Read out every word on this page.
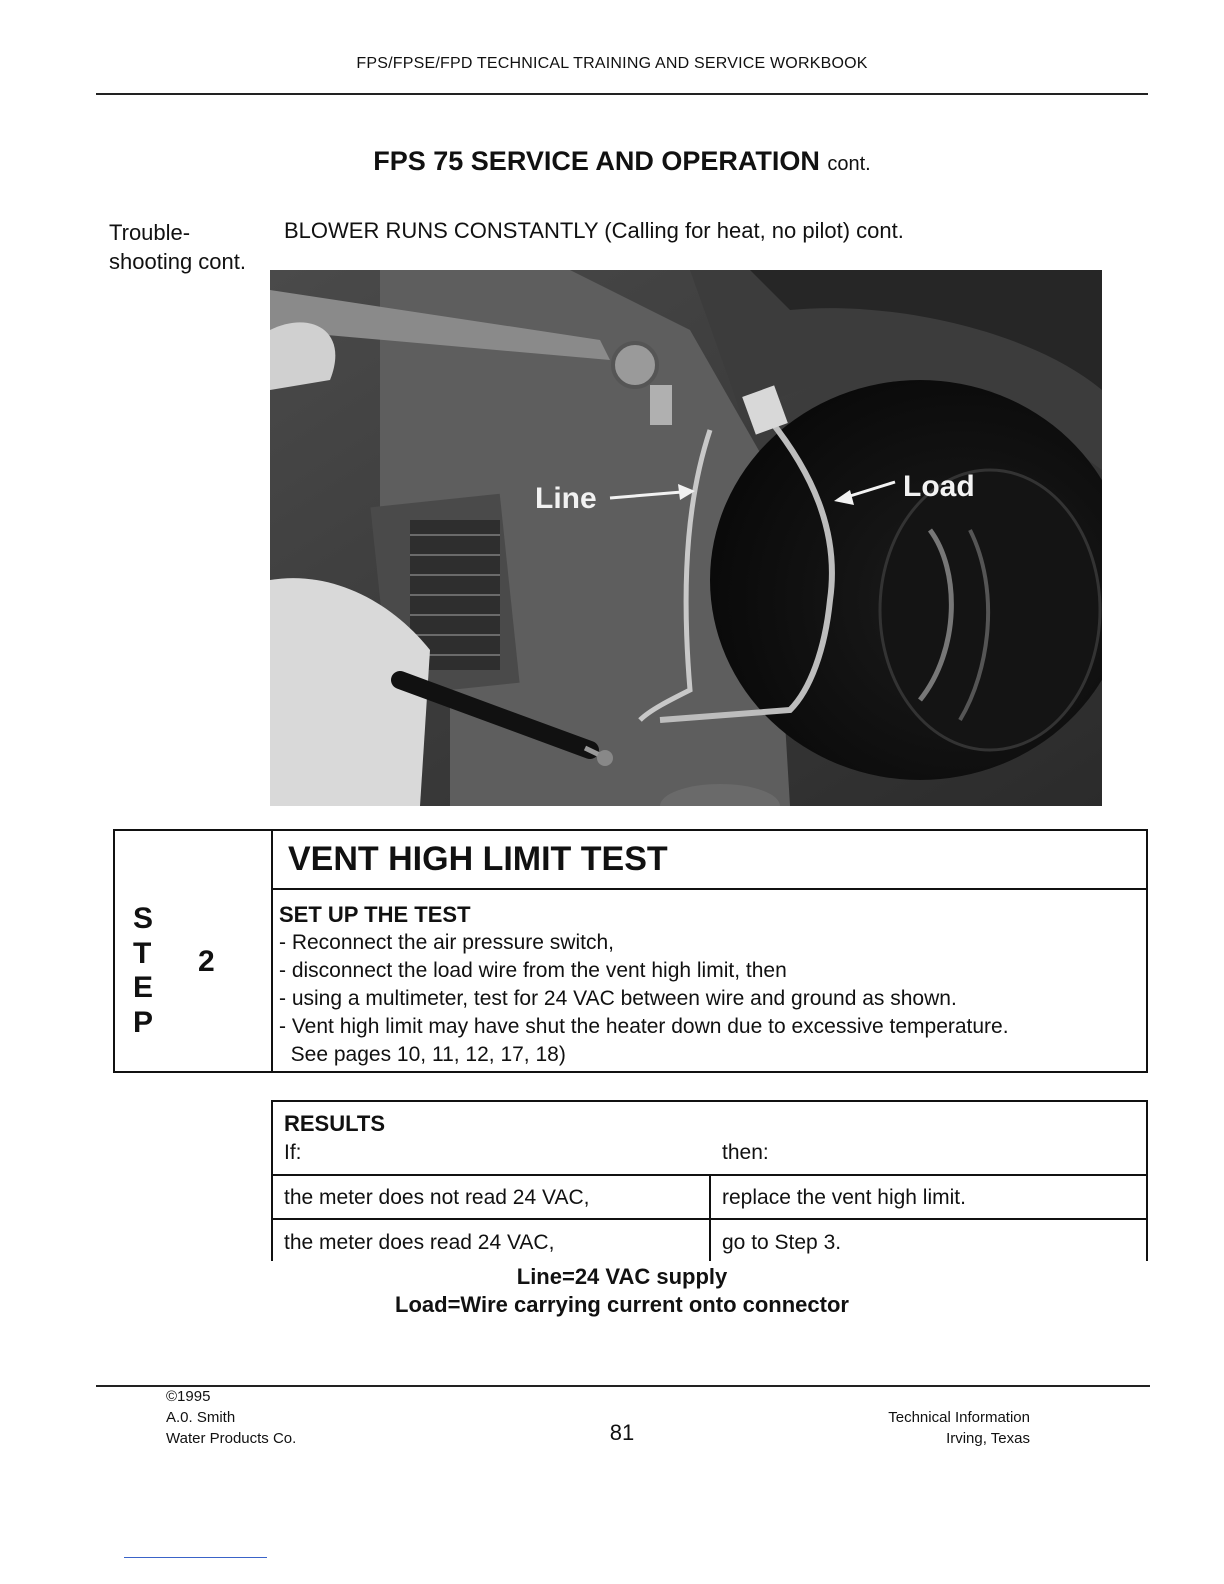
FPS/FPSE/FPD TECHNICAL TRAINING AND SERVICE WORKBOOK
FPS 75 SERVICE AND OPERATION cont.
Trouble-
shooting cont.
BLOWER RUNS CONSTANTLY (Calling for heat, no pilot) cont.
Line	Load
S
T
E
P
2
VENT HIGH LIMIT TEST
SET UP THE TEST
- Reconnect the air pressure switch,
- disconnect the load wire from the vent high limit, then
- using a multimeter, test for 24 VAC between wire and ground as shown.
- Vent high limit may have shut the heater down due to excessive temperature.
See pages 10, 11, 12, 17, 18)
RESULTS
If:	then:
the meter does not read 24 VAC,	replace the vent high limit.
the meter does read 24 VAC,	go to Step 3.
Line=24 VAC supply
Load=Wire carrying current onto connector
©1995
A.0. Smith
Water Products Co.	81
Technical Information
Irving, Texas
